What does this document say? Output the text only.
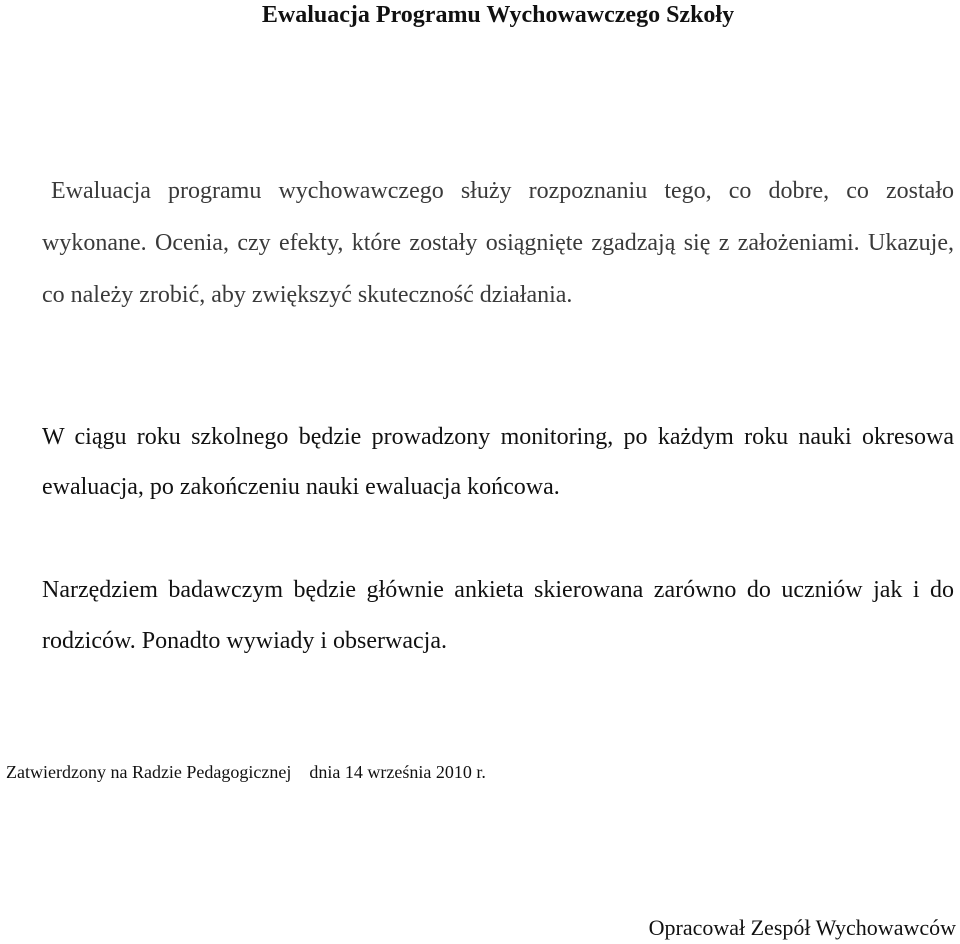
Ewaluacja Programu Wychowawczego Szkoły

Ewaluacja programu wychowawczego służy rozpoznaniu tego, co dobre, co zostało wykonane. Ocenia, czy efekty, które zostały osiągnięte zgadzają się z założeniami. Ukazuje, co należy zrobić, aby zwiększyć skuteczność działania.

W ciągu roku szkolnego będzie prowadzony monitoring, po każdym roku nauki okresowa ewaluacja, po zakończeniu nauki ewaluacja końcowa.

Narzędziem badawczym będzie głównie ankieta skierowana zarówno do uczniów jak i do rodziców. Ponadto wywiady i obserwacja.

Zatwierdzony na Radzie Pedagogicznej    dnia 14 września 2010 r.
Opracował Zespół Wychowawców
